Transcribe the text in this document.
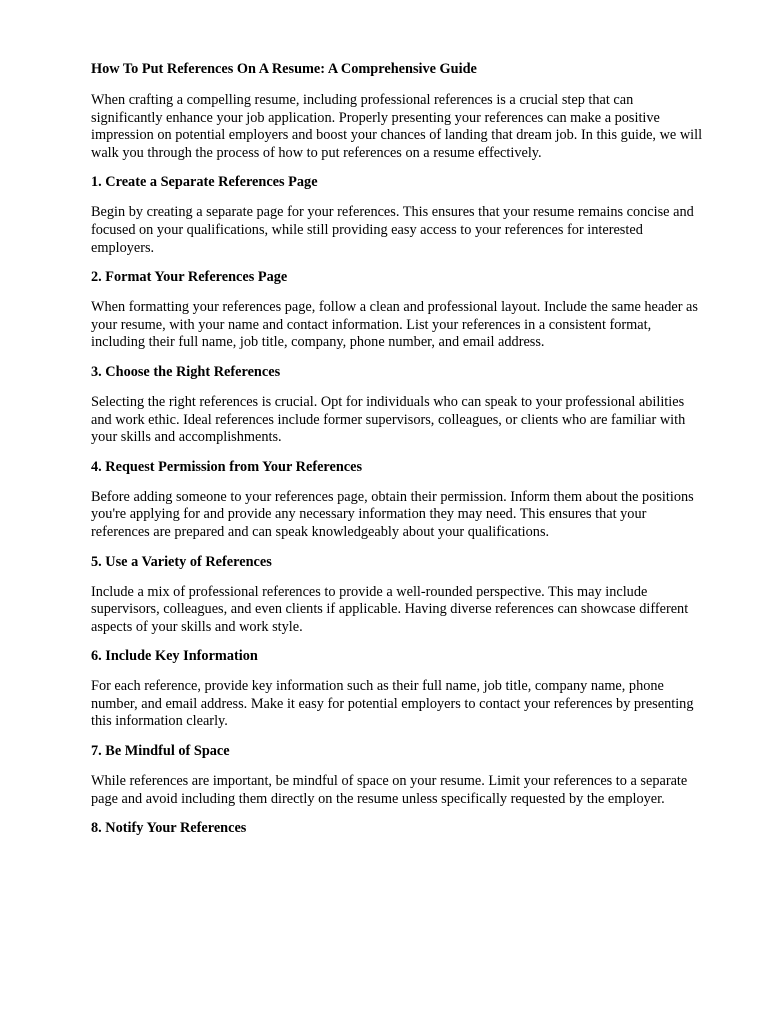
How To Put References On A Resume: A Comprehensive Guide

When crafting a compelling resume, including professional references is a crucial step that can significantly enhance your job application. Properly presenting your references can make a positive impression on potential employers and boost your chances of landing that dream job. In this guide, we will walk you through the process of how to put references on a resume effectively.

1. Create a Separate References Page

Begin by creating a separate page for your references. This ensures that your resume remains concise and focused on your qualifications, while still providing easy access to your references for interested employers.

2. Format Your References Page

When formatting your references page, follow a clean and professional layout. Include the same header as your resume, with your name and contact information. List your references in a consistent format, including their full name, job title, company, phone number, and email address.

3. Choose the Right References

Selecting the right references is crucial. Opt for individuals who can speak to your professional abilities and work ethic. Ideal references include former supervisors, colleagues, or clients who are familiar with your skills and accomplishments.

4. Request Permission from Your References

Before adding someone to your references page, obtain their permission. Inform them about the positions you're applying for and provide any necessary information they may need. This ensures that your references are prepared and can speak knowledgeably about your qualifications.

5. Use a Variety of References

Include a mix of professional references to provide a well-rounded perspective. This may include supervisors, colleagues, and even clients if applicable. Having diverse references can showcase different aspects of your skills and work style.

6. Include Key Information

For each reference, provide key information such as their full name, job title, company name, phone number, and email address. Make it easy for potential employers to contact your references by presenting this information clearly.

7. Be Mindful of Space

While references are important, be mindful of space on your resume. Limit your references to a separate page and avoid including them directly on the resume unless specifically requested by the employer.

8. Notify Your References
